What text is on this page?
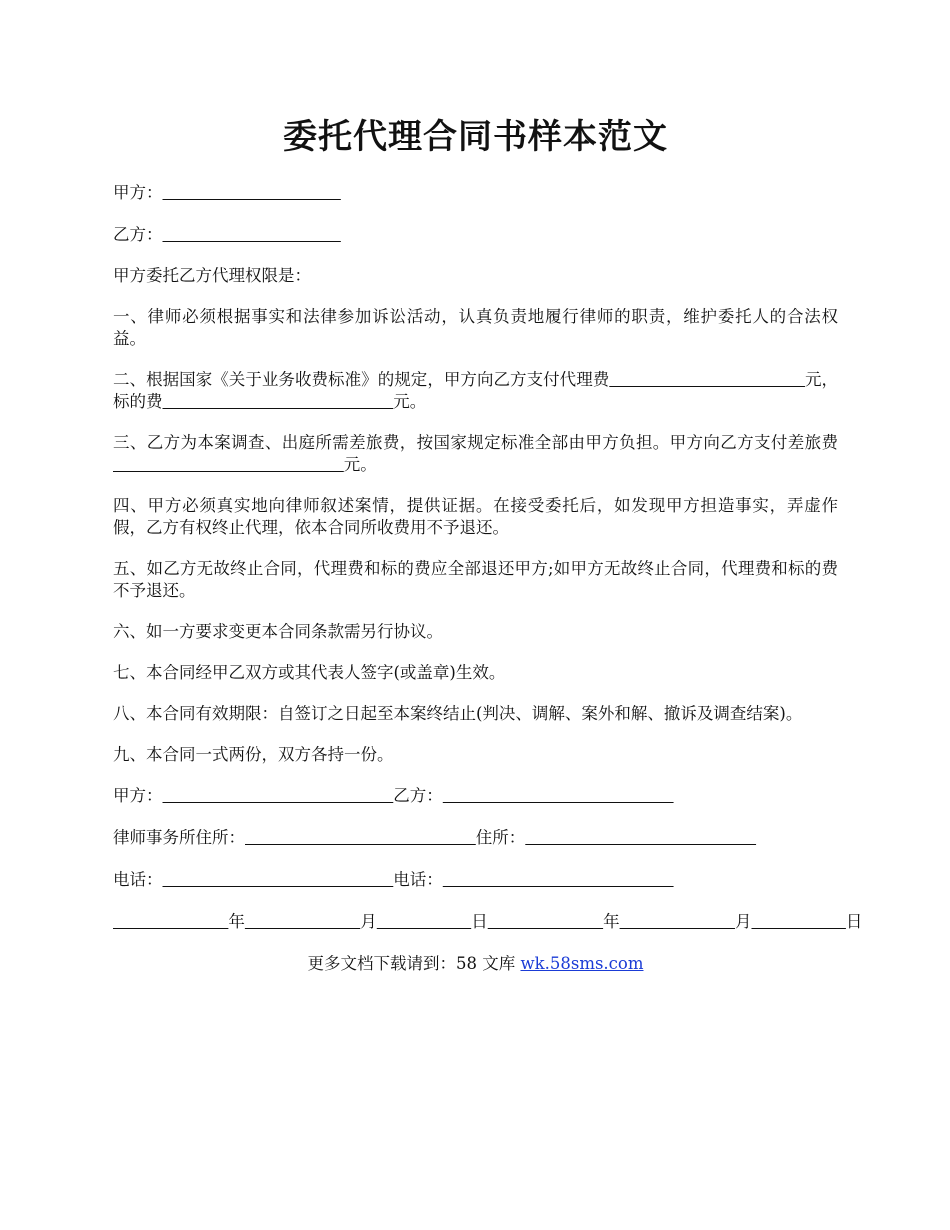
委托代理合同书样本范文

甲方：

乙方：

甲方委托乙方代理权限是：

一、律师必须根据事实和法律参加诉讼活动，认真负责地履行律师的职责，维护委托人的合法权益。

二、根据国家《关于业务收费标准》的规定，甲方向乙方支付代理费	元，标的费	元。

三、乙方为本案调查、出庭所需差旅费，按国家规定标准全部由甲方负担。甲方向乙方支付差旅费                                            元。

四、甲方必须真实地向律师叙述案情，提供证据。在接受委托后，如发现甲方担造事实，弄虚作假，乙方有权终止代理，依本合同所收费用不予退还。

五、如乙方无故终止合同，代理费和标的费应全部退还甲方;如甲方无故终止合同，代理费和标的费不予退还。

六、如一方要求变更本合同条款需另行协议。

七、本合同经甲乙双方或其代表人签字(或盖章)生效。

八、本合同有效期限：自签订之日起至本案终结止(判决、调解、案外和解、撤诉及调查结案)。

九、本合同一式两份，双方各持一份。

甲方：	乙方：

律师事务所住所：	住所：

电话：	电话：

年	月	日	年	月	日

更多文档下载请到：58 文库 wk.58sms.com
